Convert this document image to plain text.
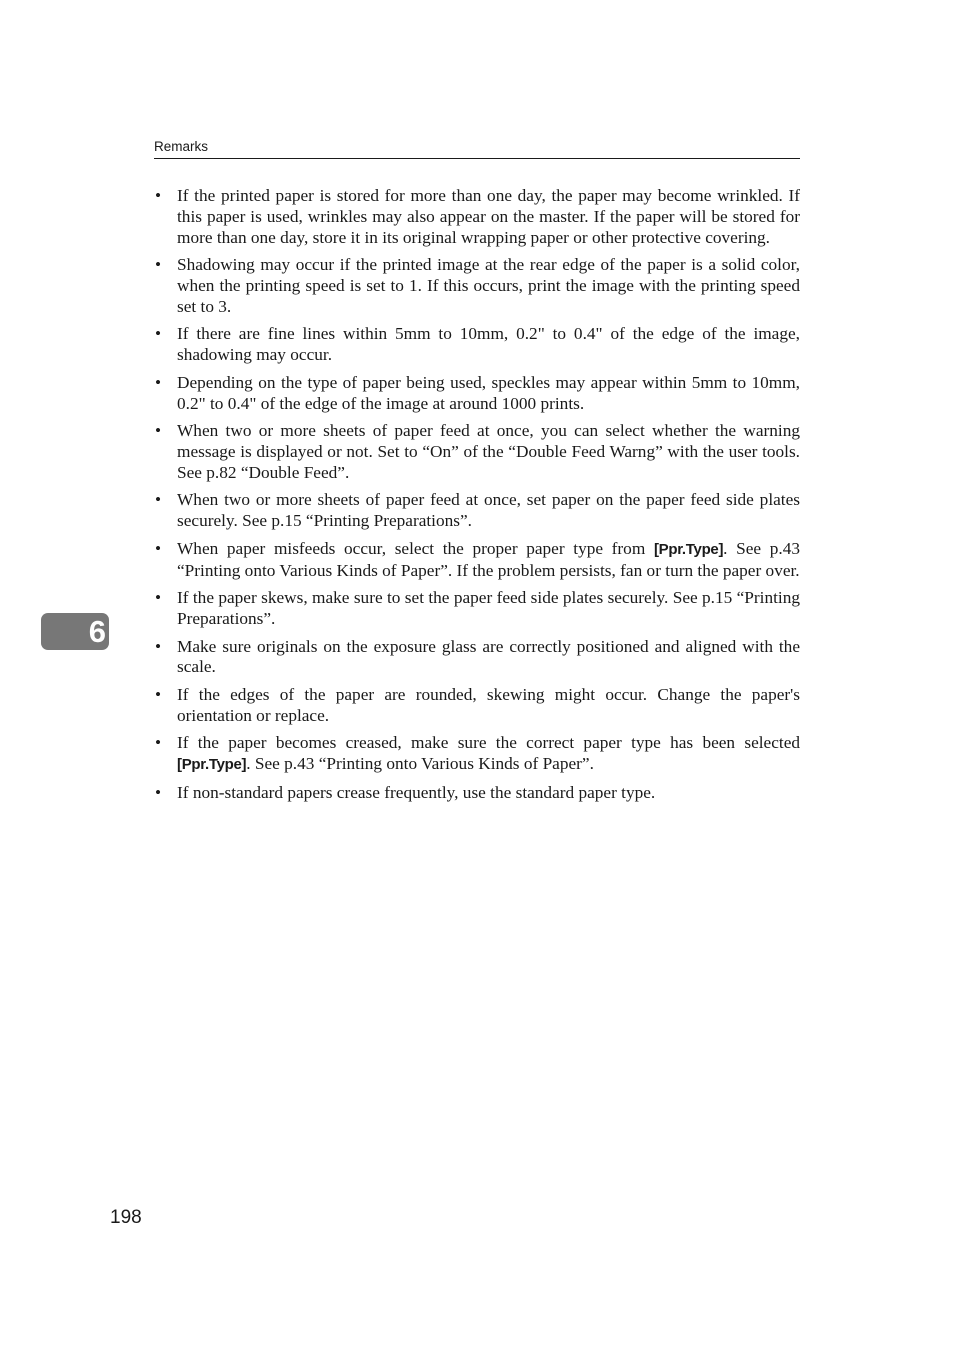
Remarks
• If the printed paper is stored for more than one day, the paper may become wrinkled. If this paper is used, wrinkles may also appear on the master. If the paper will be stored for more than one day, store it in its original wrapping paper or other protective covering.
• Shadowing may occur if the printed image at the rear edge of the paper is a solid color, when the printing speed is set to 1. If this occurs, print the image with the printing speed set to 3.
• If there are fine lines within 5mm to 10mm, 0.2" to 0.4" of the edge of the image, shadowing may occur.
• Depending on the type of paper being used, speckles may appear within 5mm to 10mm, 0.2" to 0.4" of the edge of the image at around 1000 prints.
• When two or more sheets of paper feed at once, you can select whether the warning message is displayed or not. Set to “On” of the “Double Feed Warng” with the user tools. See p.82 “Double Feed”.
• When two or more sheets of paper feed at once, set paper on the paper feed side plates securely. See p.15 “Printing Preparations”.
• When paper misfeeds occur, select the proper paper type from [Ppr.Type]. See p.43 “Printing onto Various Kinds of Paper”. If the problem persists, fan or turn the paper over.
• If the paper skews, make sure to set the paper feed side plates securely. See p.15 “Printing Preparations”.
• Make sure originals on the exposure glass are correctly positioned and aligned with the scale.
• If the edges of the paper are rounded, skewing might occur. Change the paper's orientation or replace.
• If the paper becomes creased, make sure the correct paper type has been selected [Ppr.Type]. See p.43 “Printing onto Various Kinds of Paper”.
• If non-standard papers crease frequently, use the standard paper type.
6
198
